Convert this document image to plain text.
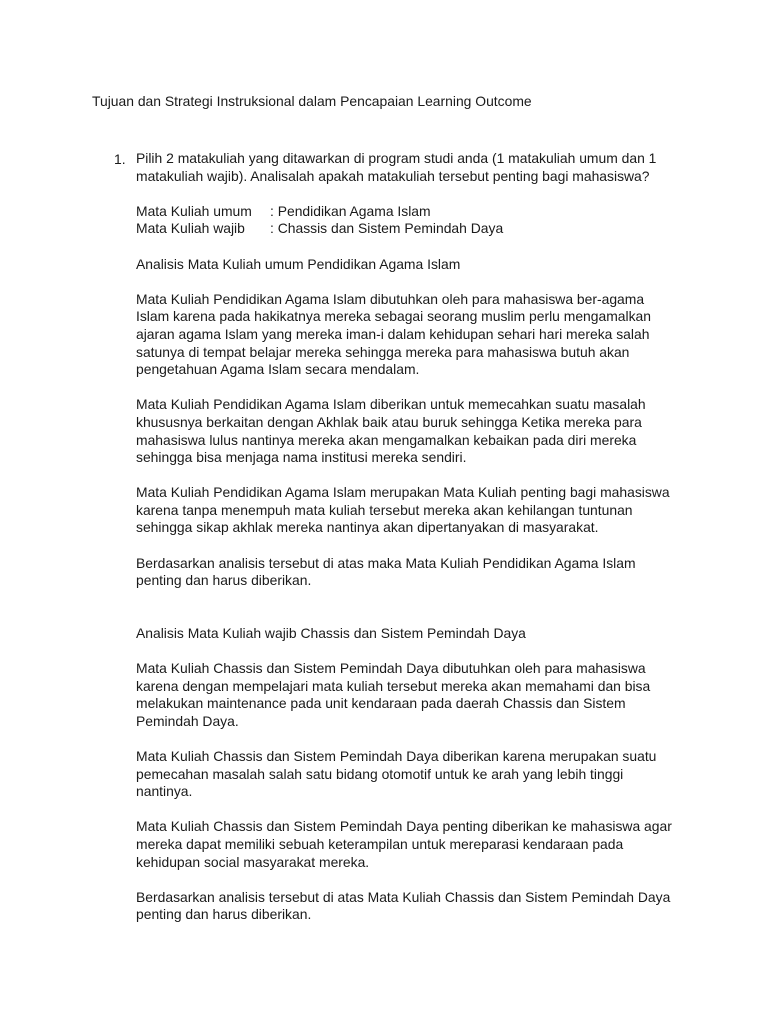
Tujuan dan Strategi Instruksional dalam Pencapaian Learning Outcome
1. Pilih 2 matakuliah yang ditawarkan di program studi anda (1 matakuliah umum dan 1
matakuliah wajib). Analisalah apakah matakuliah tersebut penting bagi mahasiswa?
Mata Kuliah umum : Pendidikan Agama Islam
Mata Kuliah wajib : Chassis dan Sistem Pemindah Daya
Analisis Mata Kuliah umum Pendidikan Agama Islam
Mata Kuliah Pendidikan Agama Islam dibutuhkan oleh para mahasiswa ber-agama
Islam karena pada hakikatnya mereka sebagai seorang muslim perlu mengamalkan
ajaran agama Islam yang mereka iman-i dalam kehidupan sehari hari mereka salah
satunya di tempat belajar mereka sehingga mereka para mahasiswa butuh akan
pengetahuan Agama Islam secara mendalam.
Mata Kuliah Pendidikan Agama Islam diberikan untuk memecahkan suatu masalah
khususnya berkaitan dengan Akhlak baik atau buruk sehingga Ketika mereka para
mahasiswa lulus nantinya mereka akan mengamalkan kebaikan pada diri mereka
sehingga bisa menjaga nama institusi mereka sendiri.
Mata Kuliah Pendidikan Agama Islam merupakan Mata Kuliah penting bagi mahasiswa
karena tanpa menempuh mata kuliah tersebut mereka akan kehilangan tuntunan
sehingga sikap akhlak mereka nantinya akan dipertanyakan di masyarakat.
Berdasarkan analisis tersebut di atas maka Mata Kuliah Pendidikan Agama Islam
penting dan harus diberikan.
Analisis Mata Kuliah wajib Chassis dan Sistem Pemindah Daya
Mata Kuliah Chassis dan Sistem Pemindah Daya dibutuhkan oleh para mahasiswa
karena dengan mempelajari mata kuliah tersebut mereka akan memahami dan bisa
melakukan maintenance pada unit kendaraan pada daerah Chassis dan Sistem
Pemindah Daya.
Mata Kuliah Chassis dan Sistem Pemindah Daya diberikan karena merupakan suatu
pemecahan masalah salah satu bidang otomotif untuk ke arah yang lebih tinggi
nantinya.
Mata Kuliah Chassis dan Sistem Pemindah Daya penting diberikan ke mahasiswa agar
mereka dapat memiliki sebuah keterampilan untuk mereparasi kendaraan pada
kehidupan social masyarakat mereka.
Berdasarkan analisis tersebut di atas Mata Kuliah Chassis dan Sistem Pemindah Daya
penting dan harus diberikan.
